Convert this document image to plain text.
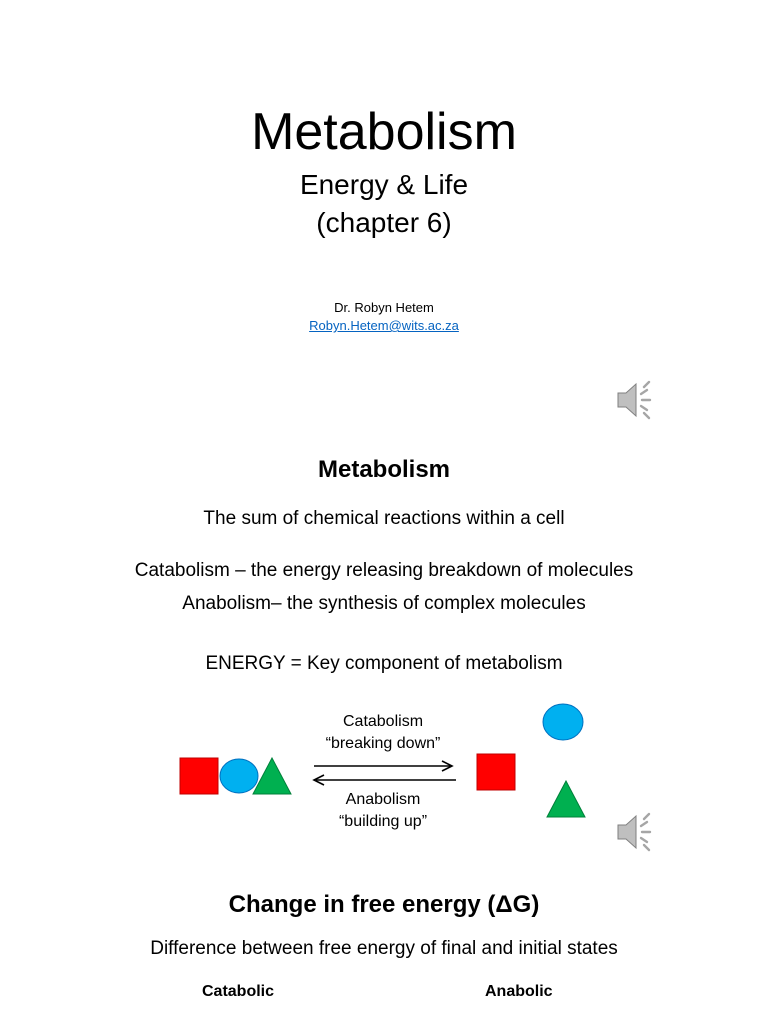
Metabolism
Energy & Life
(chapter 6)
Dr. Robyn Hetem
Robyn.Hetem@wits.ac.za
Metabolism
The sum of chemical reactions within a cell
Catabolism – the energy releasing breakdown of molecules
Anabolism– the synthesis of complex molecules
ENERGY = Key component of metabolism
Catabolism
“breaking down”
Anabolism
“building up”
Change in free energy (ΔG)
Difference between free energy of final and initial states
Catabolic	Anabolic
